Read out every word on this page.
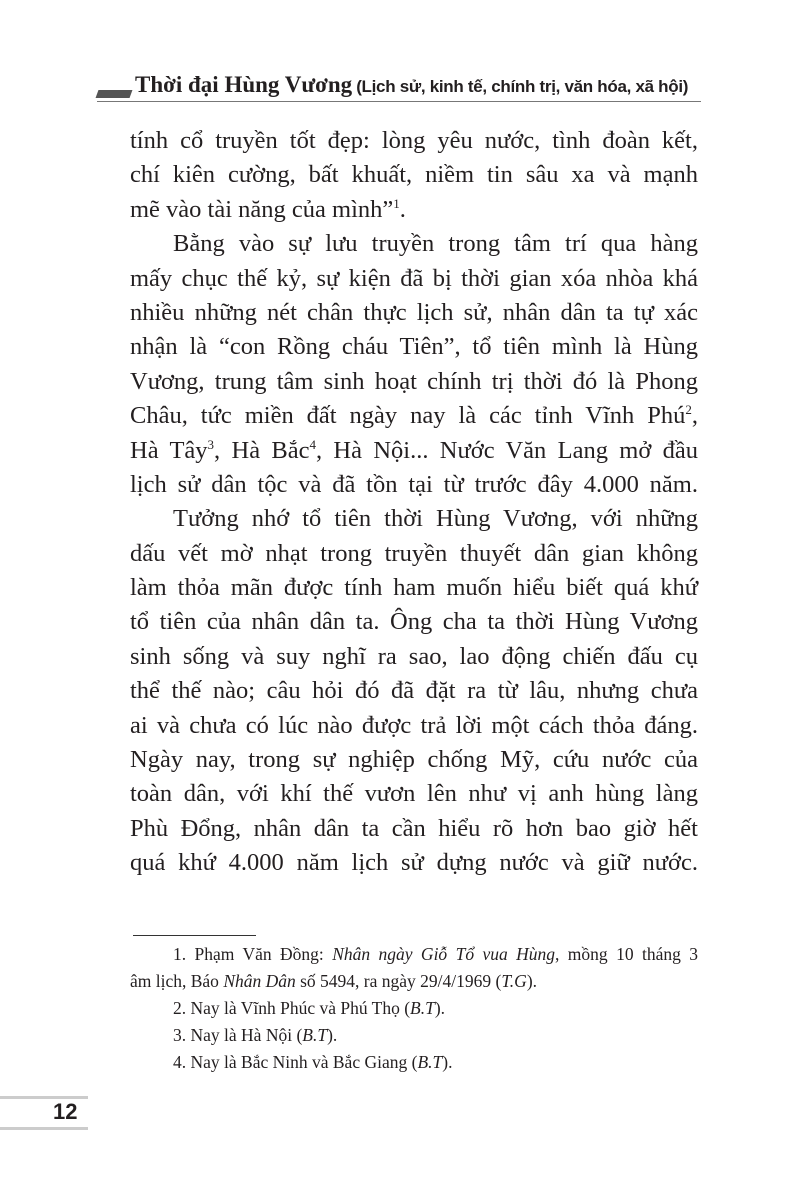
Thời đại Hùng Vương (Lịch sử, kinh tế, chính trị, văn hóa, xã hội)
tính cổ truyền tốt đẹp: lòng yêu nước, tình đoàn kết,
chí kiên cường, bất khuất, niềm tin sâu xa và mạnh
mẽ vào tài năng của mình”$^1$.
Bằng vào sự lưu truyền trong tâm trí qua hàng
mấy chục thế kỷ, sự kiện đã bị thời gian xóa nhòa khá
nhiều những nét chân thực lịch sử, nhân dân ta tự xác
nhận là “con Rồng cháu Tiên”, tổ tiên mình là Hùng
Vương, trung tâm sinh hoạt chính trị thời đó là Phong
Châu, tức miền đất ngày nay là các tỉnh Vĩnh Phú$^2$,
Hà Tây$^3$, Hà Bắc$^4$, Hà Nội... Nước Văn Lang mở đầu
lịch sử dân tộc và đã tồn tại từ trước đây 4.000 năm.
Tưởng nhớ tổ tiên thời Hùng Vương, với những
dấu vết mờ nhạt trong truyền thuyết dân gian không
làm thỏa mãn được tính ham muốn hiểu biết quá khứ
tổ tiên của nhân dân ta. Ông cha ta thời Hùng Vương
sinh sống và suy nghĩ ra sao, lao động chiến đấu cụ
thể thế nào; câu hỏi đó đã đặt ra từ lâu, nhưng chưa
ai và chưa có lúc nào được trả lời một cách thỏa đáng.
Ngày nay, trong sự nghiệp chống Mỹ, cứu nước của
toàn dân, với khí thế vươn lên như vị anh hùng làng
Phù Đổng, nhân dân ta cần hiểu rõ hơn bao giờ hết
quá khứ 4.000 năm lịch sử dựng nước và giữ nước.
1. Phạm Văn Đồng: Nhân ngày Giỗ Tổ vua Hùng, mồng 10 tháng 3
âm lịch, Báo Nhân Dân số 5494, ra ngày 29/4/1969 (T.G).
2. Nay là Vĩnh Phúc và Phú Thọ (B.T).
3. Nay là Hà Nội (B.T).
4. Nay là Bắc Ninh và Bắc Giang (B.T).
12
